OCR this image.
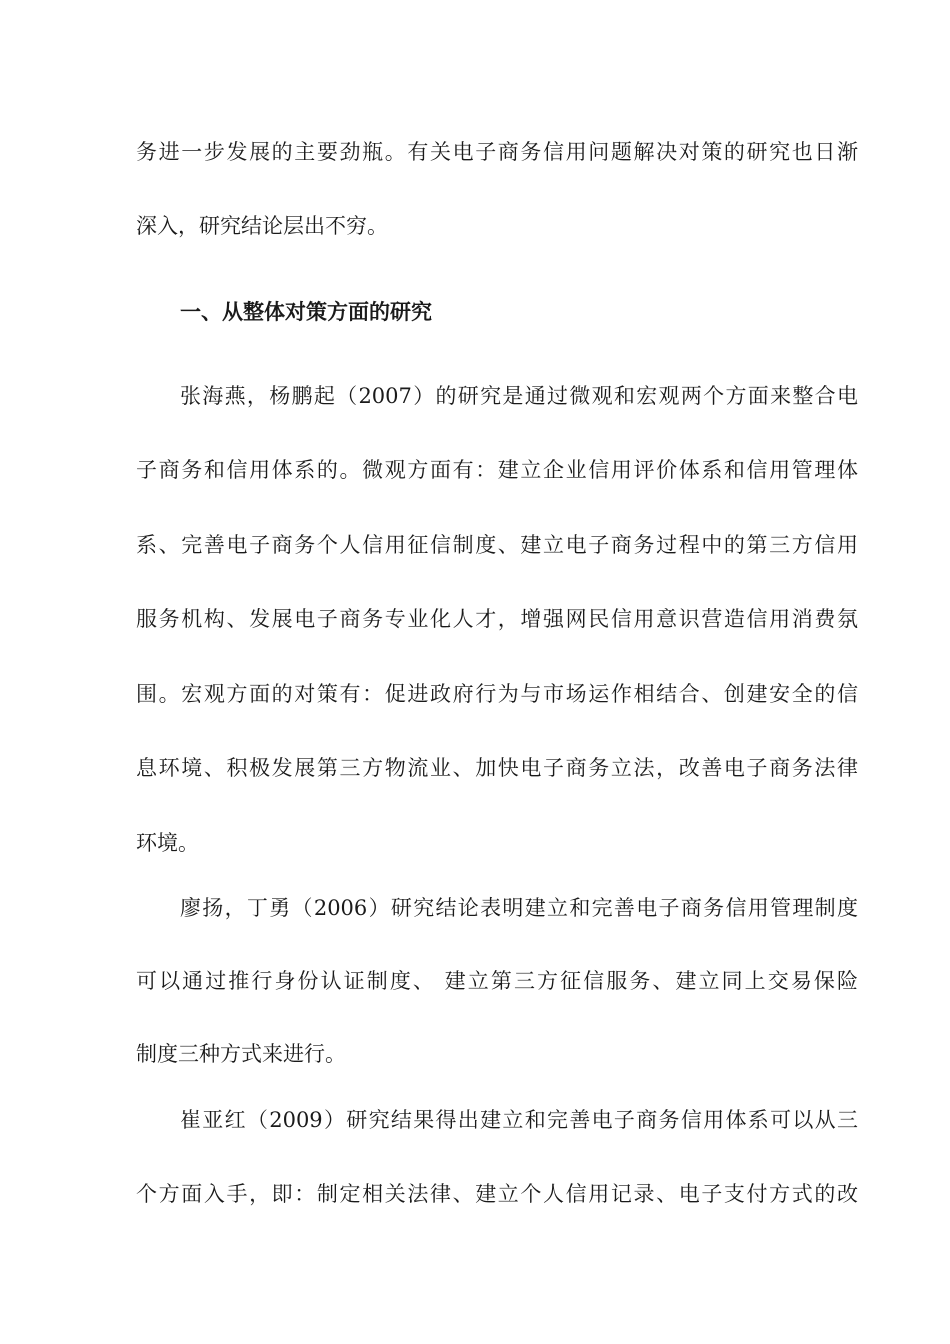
务进一步发展的主要劲瓶。有关电子商务信用问题解决对策的研究也日渐

深入，研究结论层出不穷。

一、从整体对策方面的研究

张海燕，杨鹏起（2007）的研究是通过微观和宏观两个方面来整合电

子商务和信用体系的。微观方面有：建立企业信用评价体系和信用管理体

系、完善电子商务个人信用征信制度、建立电子商务过程中的第三方信用

服务机构、发展电子商务专业化人才，增强网民信用意识营造信用消费氛

围。宏观方面的对策有：促进政府行为与市场运作相结合、创建安全的信

息环境、积极发展第三方物流业、加快电子商务立法，改善电子商务法律

环境。

廖扬，丁勇（2006）研究结论表明建立和完善电子商务信用管理制度

可以通过推行身份认证制度、 建立第三方征信服务、建立同上交易保险

制度三种方式来进行。

崔亚红（2009）研究结果得出建立和完善电子商务信用体系可以从三

个方面入手，即：制定相关法律、建立个人信用记录、电子支付方式的改
